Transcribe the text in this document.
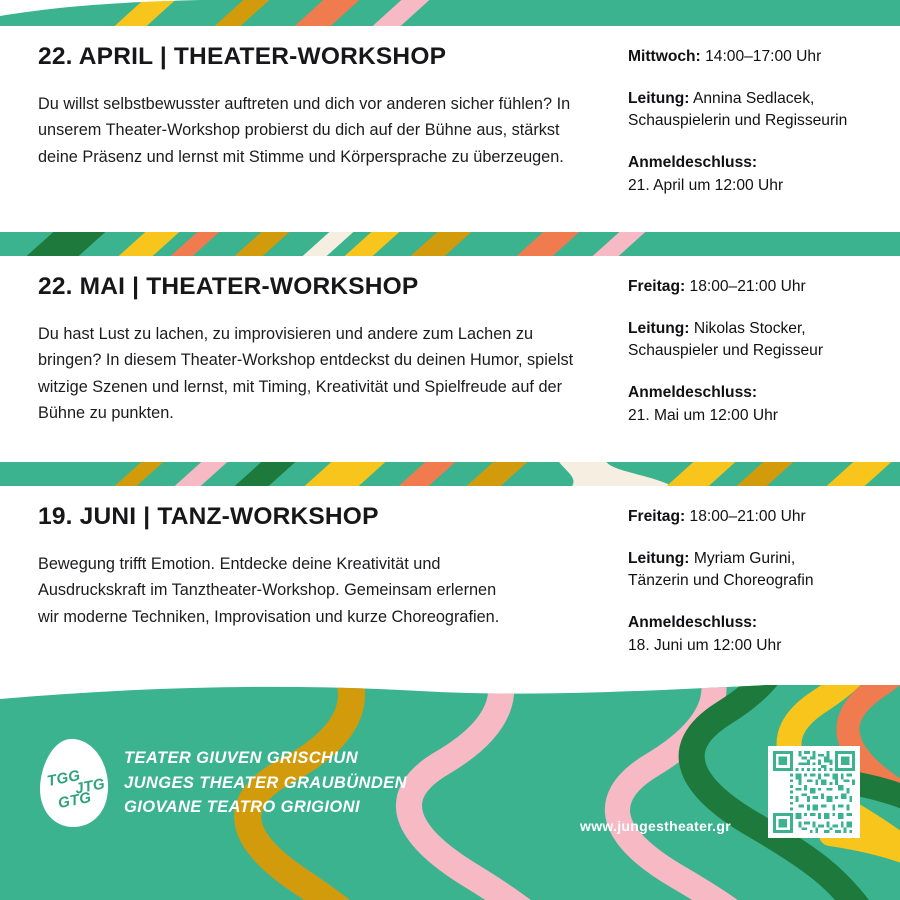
22. APRIL | THEATER-WORKSHOP

Du willst selbstbewusster auftreten und dich vor anderen sicher fühlen? In unserem Theater-Workshop probierst du dich auf der Bühne aus, stärkst deine Präsenz und lernst mit Stimme und Körpersprache zu überzeugen.

Mittwoch: 14:00–17:00 Uhr
Leitung: Annina Sedlacek,
Schauspielerin und Regisseurin
Anmeldeschluss:
21. April um 12:00 Uhr
22. MAI | THEATER-WORKSHOP

Du hast Lust zu lachen, zu improvisieren und andere zum Lachen zu bringen? In diesem Theater-Workshop entdeckst du deinen Humor, spielst witzige Szenen und lernst, mit Timing, Kreativität und Spielfreude auf der Bühne zu punkten.

Freitag: 18:00–21:00 Uhr
Leitung: Nikolas Stocker,
Schauspieler und Regisseur
Anmeldeschluss:
21. Mai um 12:00 Uhr
19. JUNI | TANZ-WORKSHOP

Bewegung trifft Emotion. Entdecke deine Kreativität und Ausdruckskraft im Tanztheater-Workshop. Gemeinsam erlernen wir moderne Techniken, Improvisation und kurze Choreografien.

Freitag: 18:00–21:00 Uhr
Leitung: Myriam Gurini,
Tänzerin und Choreografin
Anmeldeschluss:
18. Juni um 12:00 Uhr
TGG
JTG
GTG
TEATER GIUVEN GRISCHUN
JUNGES THEATER GRAUBÜNDEN
GIOVANE TEATRO GRIGIONI
www.jungestheater.gr
